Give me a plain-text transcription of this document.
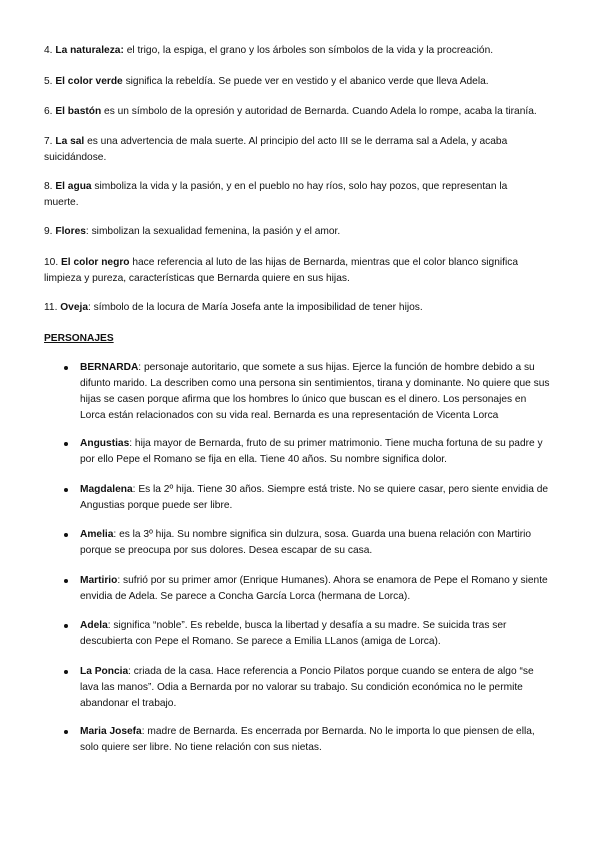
4. La naturaleza: el trigo, la espiga, el grano y los árboles son símbolos de la vida y la procreación.

5. El color verde significa la rebeldía. Se puede ver en vestido y el abanico verde que lleva Adela.

6. El bastón es un símbolo de la opresión y autoridad de Bernarda. Cuando Adela lo rompe, acaba la tiranía.

7. La sal es una advertencia de mala suerte. Al principio del acto III se le derrama sal a Adela, y acaba suicidándose.

8. El agua simboliza la vida y la pasión, y en el pueblo no hay ríos, solo hay pozos, que representan la muerte.

9. Flores: simbolizan la sexualidad femenina, la pasión y el amor.

10. El color negro hace referencia al luto de las hijas de Bernarda, mientras que el color blanco significa limpieza y pureza, características que Bernarda quiere en sus hijas.

11. Oveja: símbolo de la locura de María Josefa ante la imposibilidad de tener hijos.

PERSONAJES

BERNARDA: personaje autoritario, que somete a sus hijas. Ejerce la función de hombre debido a su difunto marido. La describen como una persona sin sentimientos, tirana y dominante. No quiere que sus hijas se casen porque afirma que los hombres lo único que buscan es el dinero. Los personajes en Lorca están relacionados con su vida real. Bernarda es una representación de Vicenta Lorca

Angustias: hija mayor de Bernarda, fruto de su primer matrimonio. Tiene mucha fortuna de su padre y por ello Pepe el Romano se fija en ella. Tiene 40 años. Su nombre significa dolor.

Magdalena: Es la 2º hija. Tiene 30 años. Siempre está triste. No se quiere casar, pero siente envidia de Angustias porque puede ser libre.

Amelia: es la 3º hija. Su nombre significa sin dulzura, sosa. Guarda una buena relación con Martirio porque se preocupa por sus dolores. Desea escapar de su casa.

Martirio: sufrió por su primer amor (Enrique Humanes). Ahora se enamora de Pepe el Romano y siente envidia de Adela. Se parece a Concha García Lorca (hermana de Lorca).

Adela: significa “noble”. Es rebelde, busca la libertad y desafía a su madre. Se suicida tras ser descubierta con Pepe el Romano. Se parece a Emilia LLanos (amiga de Lorca).

La Poncia: criada de la casa. Hace referencia a Poncio Pilatos porque cuando se entera de algo “se lava las manos”. Odia a Bernarda por no valorar su trabajo. Su condición económica no le permite abandonar el trabajo.

Maria Josefa: madre de Bernarda. Es encerrada por Bernarda. No le importa lo que piensen de ella, solo quiere ser libre. No tiene relación con sus nietas.
